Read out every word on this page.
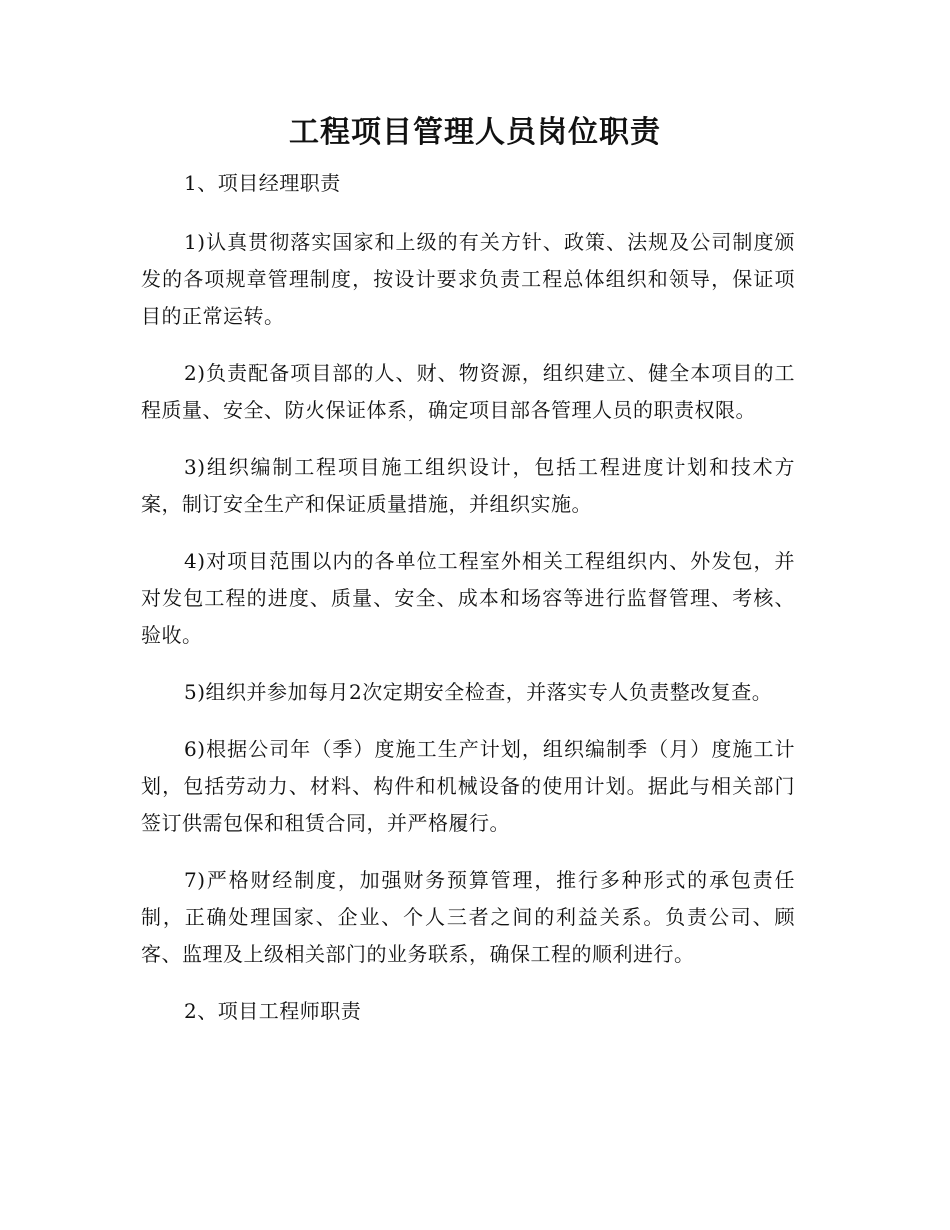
工程项目管理人员岗位职责

1、项目经理职责

1)认真贯彻落实国家和上级的有关方针、政策、法规及公司制度颁发的各项规章管理制度，按设计要求负责工程总体组织和领导，保证项目的正常运转。

2)负责配备项目部的人、财、物资源，组织建立、健全本项目的工程质量、安全、防火保证体系，确定项目部各管理人员的职责权限。

3)组织编制工程项目施工组织设计，包括工程进度计划和技术方案，制订安全生产和保证质量措施，并组织实施。

4)对项目范围以内的各单位工程室外相关工程组织内、外发包，并对发包工程的进度、质量、安全、成本和场容等进行监督管理、考核、验收。

5)组织并参加每月2次定期安全检查，并落实专人负责整改复查。

6)根据公司年（季）度施工生产计划，组织编制季（月）度施工计划，包括劳动力、材料、构件和机械设备的使用计划。据此与相关部门签订供需包保和租赁合同，并严格履行。

7)严格财经制度，加强财务预算管理，推行多种形式的承包责任制，正确处理国家、企业、个人三者之间的利益关系。负责公司、顾客、监理及上级相关部门的业务联系，确保工程的顺利进行。

2、项目工程师职责
